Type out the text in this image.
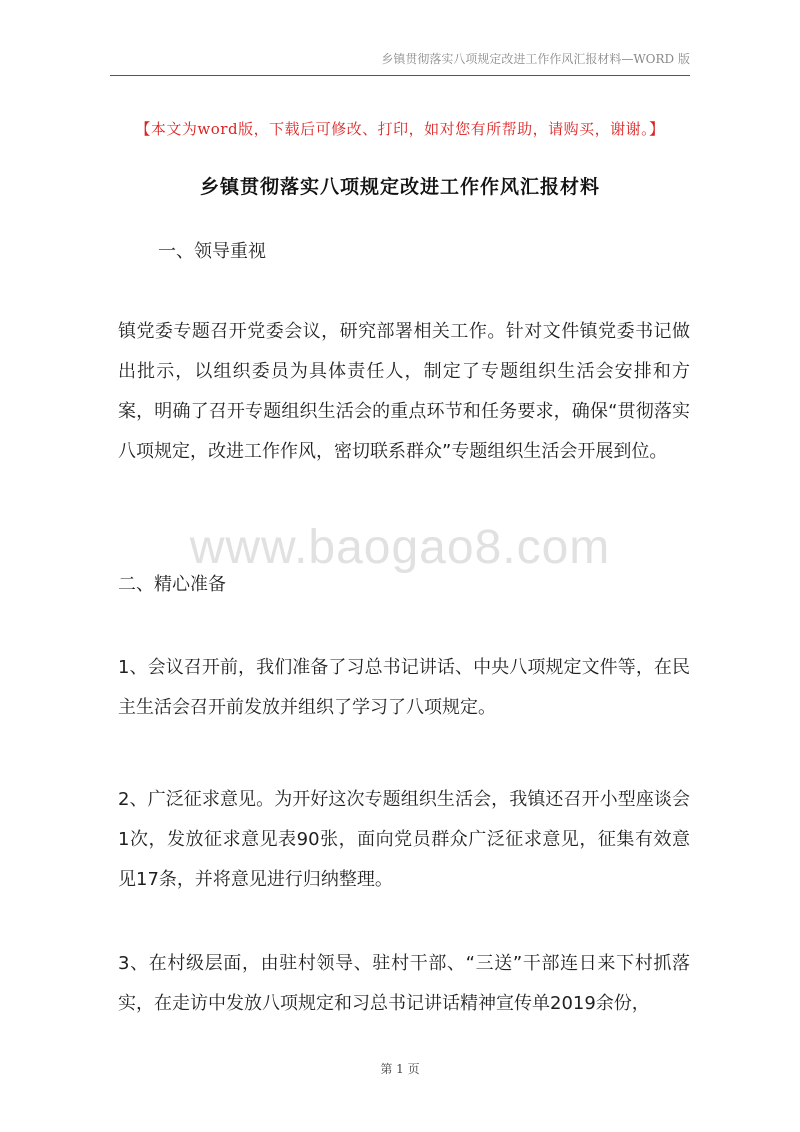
乡镇贯彻落实八项规定改进工作作风汇报材料—WORD 版
【本文为word版，下载后可修改、打印，如对您有所帮助，请购买，谢谢。】
乡镇贯彻落实八项规定改进工作作风汇报材料
一、领导重视

镇党委专题召开党委会议，研究部署相关工作。针对文件镇党委书记做出批示，以组织委员为具体责任人，制定了专题组织生活会安排和方案，明确了召开专题组织生活会的重点环节和任务要求，确保“贯彻落实八项规定，改进工作作风，密切联系群众”专题组织生活会开展到位。

www.baogao8.com
二、精心准备

1、会议召开前，我们准备了习总书记讲话、中央八项规定文件等，在民主生活会召开前发放并组织了学习了八项规定。

2、广泛征求意见。为开好这次专题组织生活会，我镇还召开小型座谈会1次，发放征求意见表90张，面向党员群众广泛征求意见，征集有效意见17条，并将意见进行归纳整理。

3、在村级层面，由驻村领导、驻村干部、“三送”干部连日来下村抓落实，在走访中发放八项规定和习总书记讲话精神宣传单2019余份，

第 1 页
